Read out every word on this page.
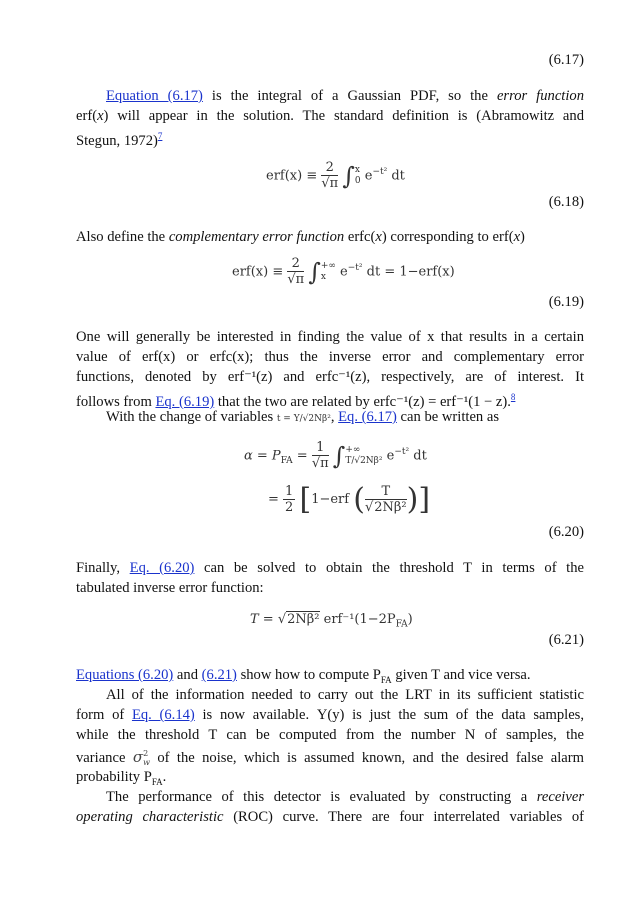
(6.17)
Equation (6.17) is the integral of a Gaussian PDF, so the error function
erf(x) will appear in the solution. The standard definition is (Abramowitz and
Stegun, 1972)$^7$
$erf(x) \equiv \frac{2}{√\pi}$ ∫ x
0 $e^{-t^2}$ dt
(6.18)
Also define the complementary error function erfc(x) corresponding to erf(x)
$erf(x) \equiv \frac{2}{√\pi}$ ∫ +∞
x	$e^{-t^2}$ dt = 1−erf(x)
(6.19)
One will generally be interested in finding the value of x that results in a certain
value of erf(x) or erfc(x); thus the inverse error and complementary error
functions, denoted by erf⁻¹(z) and erfc⁻¹(z), respectively, are of interest. It
follows from Eq. (6.19) that the two are related by erfc⁻¹(z) = erf⁻¹(1 − z).$^8$
With the change of variables t = Υ/√2Nβ², Eq. (6.17) can be written as
$\alpha = P_{FA} = \frac{1}{√\pi}$ ∫ +∞
T/√2Nβ² $e^{-t^2}$ dt
= $\frac{1}{2} [1-erf$ ( $\frac{T}{\text{√2Nβ²}}$ )]
(6.20)
Finally, Eq. (6.20) can be solved to obtain the threshold T in terms of the
tabulated inverse error function:
T = √2Nβ² $erf^{-1}(1-2P_{FA})$
(6.21)
Equations (6.20) and (6.21) show how to compute $P_{FA}$ given T and vice versa.
All of the information needed to carry out the LRT in its sufficient statistic
form of Eq. (6.14) is now available. Υ(y) is just the sum of the data samples,
while the threshold T can be computed from the number N of samples, the
variance σ 2
w of the noise, which is assumed known, and the desired false alarm
probability $P_{FA}$.
The performance of this detector is evaluated by constructing a receiver
operating characteristic (ROC) curve. There are four interrelated variables of
